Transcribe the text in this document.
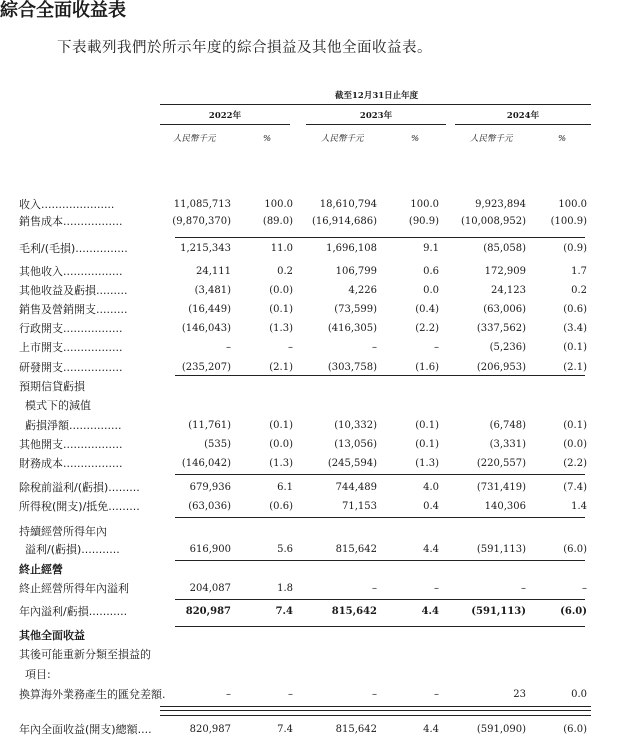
綜合全面收益表
下表載列我們於所示年度的綜合損益及其他全面收益表。
截至12月31日止年度
2022年	2023年	2024年
人民幣千元	%	人民幣千元	%	人民幣千元	%
收入.....................	11,085,713	100.0	18,610,794	100.0	9,923,894	100.0
銷售成本.................	(9,870,370)	(89.0)	(16,914,686)	(90.9)	(10,008,952)	(100.9)
毛利/(毛損)...............	1,215,343	11.0	1,696,108	9.1	(85,058)	(0.9)
其他收入.................	24,111	0.2	106,799	0.6	172,909	1.7
其他收益及虧損.........	(3,481)	(0.0)	4,226	0.0	24,123	0.2
銷售及營銷開支.........	(16,449)	(0.1)	(73,599)	(0.4)	(63,006)	(0.6)
行政開支.................	(146,043)	(1.3)	(416,305)	(2.2)	(337,562)	(3.4)
上市開支.................	–	–	–	–	(5,236)	(0.1)
研發開支.................	(235,207)	(2.1)	(303,758)	(1.6)	(206,953)	(2.1)
預期信貸虧損
模式下的減值
虧損淨額...............	(11,761)	(0.1)	(10,332)	(0.1)	(6,748)	(0.1)
其他開支.................	(535)	(0.0)	(13,056)	(0.1)	(3,331)	(0.0)
財務成本.................	(146,042)	(1.3)	(245,594)	(1.3)	(220,557)	(2.2)
除稅前溢利/(虧損).........	679,936	6.1	744,489	4.0	(731,419)	(7.4)
所得稅(開支)/抵免.........	(63,036)	(0.6)	71,153	0.4	140,306	1.4
持續經營所得年內
溢利/(虧損)...........	616,900	5.6	815,642	4.4	(591,113)	(6.0)
終止經營
終止經營所得年內溢利	204,087	1.8	–	–	–	–
年內溢利/虧損...........	820,987	7.4	815,642	4.4	(591,113)	(6.0)
其他全面收益
其後可能重新分類至損益的
項目:
換算海外業務產生的匯兌差額.	–	–	–	–	23	0.0
年內全面收益(開支)總額....	820,987	7.4	815,642	4.4	(591,090)	(6.0)
